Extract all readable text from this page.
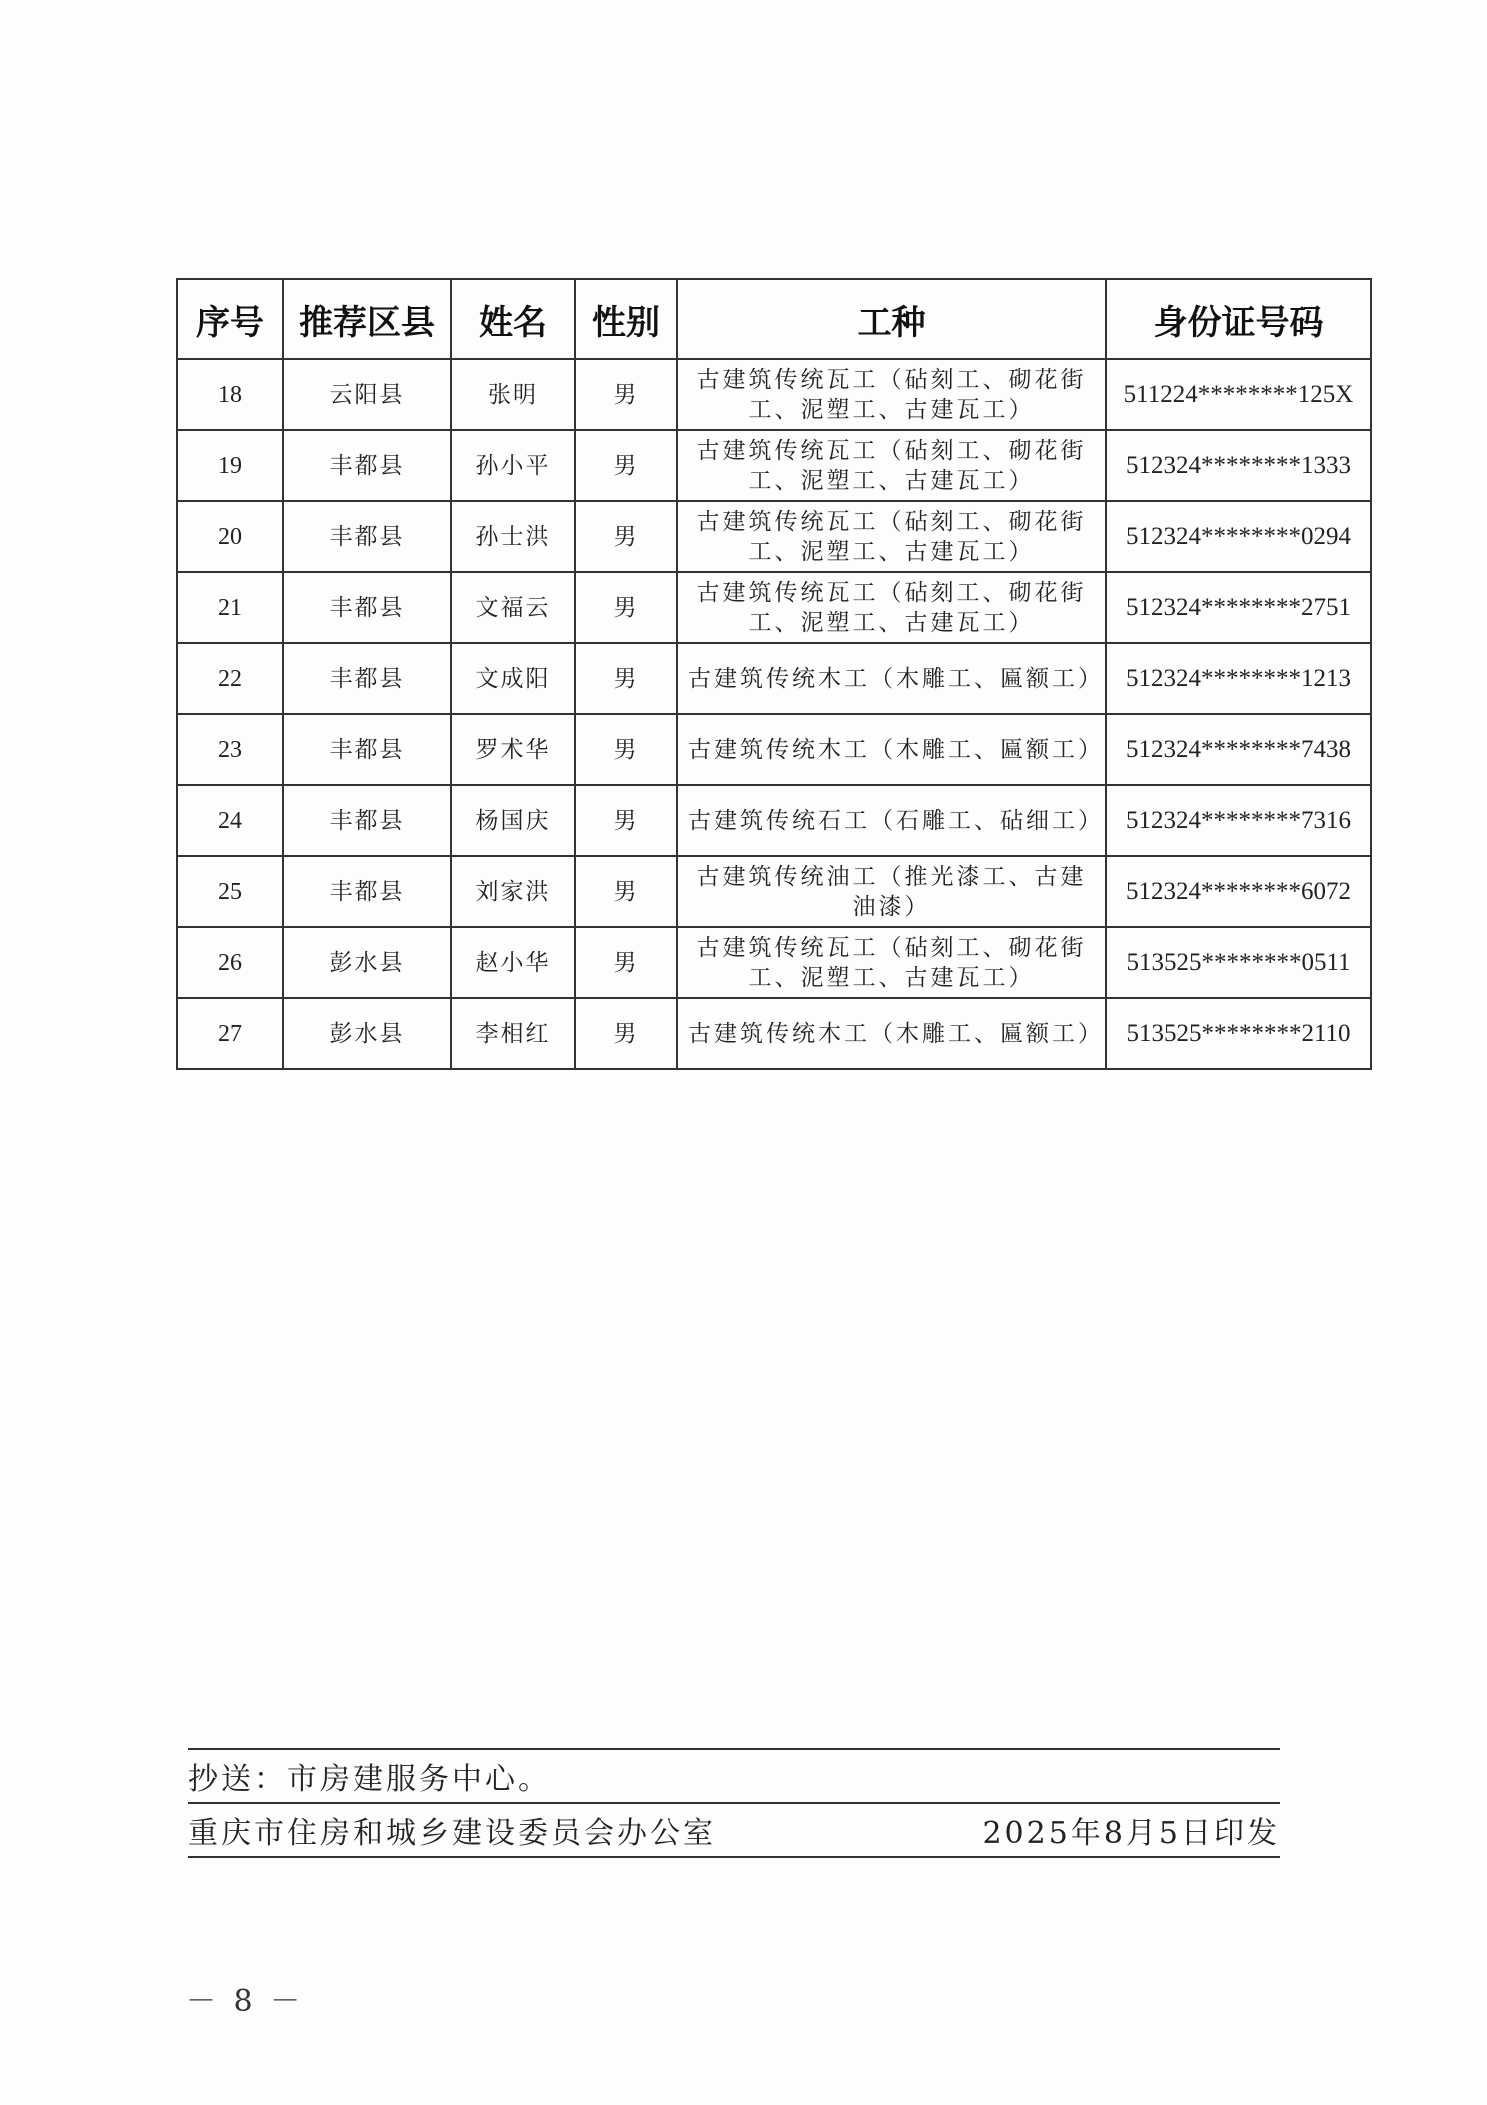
序号	推荐区县	姓名	性别	工种	身份证号码
18	云阳县	张明	男	古建筑传统瓦工（砧刻工、砌花街工、泥塑工、古建瓦工）	511224********125X
19	丰都县	孙小平	男	古建筑传统瓦工（砧刻工、砌花街工、泥塑工、古建瓦工）	512324********1333
20	丰都县	孙士洪	男	古建筑传统瓦工（砧刻工、砌花街工、泥塑工、古建瓦工）	512324********0294
21	丰都县	文福云	男	古建筑传统瓦工（砧刻工、砌花街工、泥塑工、古建瓦工）	512324********2751
22	丰都县	文成阳	男	古建筑传统木工（木雕工、匾额工）	512324********1213
23	丰都县	罗术华	男	古建筑传统木工（木雕工、匾额工）	512324********7438
24	丰都县	杨国庆	男	古建筑传统石工（石雕工、砧细工）	512324********7316
25	丰都县	刘家洪	男	古建筑传统油工（推光漆工、古建油漆）	512324********6072
26	彭水县	赵小华	男	古建筑传统瓦工（砧刻工、砌花街工、泥塑工、古建瓦工）	513525********0511
27	彭水县	李相红	男	古建筑传统木工（木雕工、匾额工）	513525********2110
抄送：市房建服务中心。
重庆市住房和城乡建设委员会办公室	2025年8月5日印发
－ 8 －
